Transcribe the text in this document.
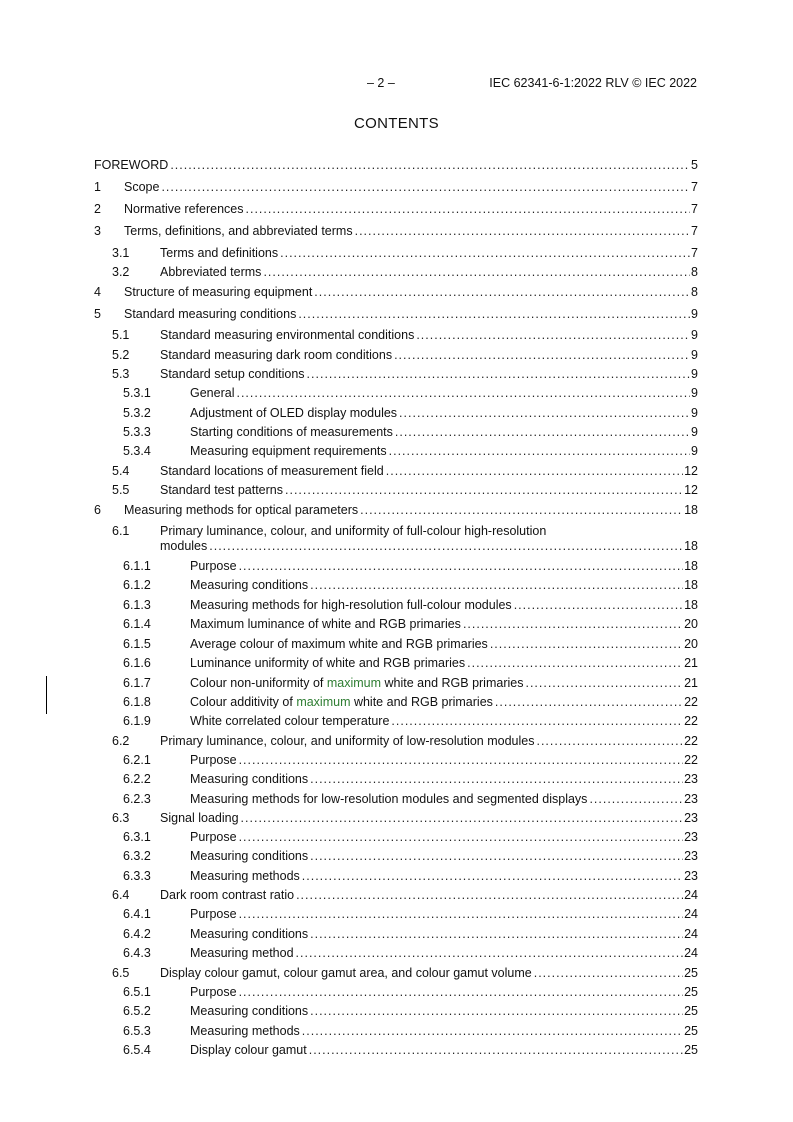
– 2 –	IEC 62341-6-1:2022 RLV © IEC 2022
CONTENTS
FOREWORD .....	5
1 Scope .....	7
2 Normative references .....	7
3 Terms, definitions, and abbreviated terms .....	7
3.1 Terms and definitions .....	7
3.2 Abbreviated terms .....	8
4 Structure of measuring equipment .....	8
5 Standard measuring conditions .....	9
5.1 Standard measuring environmental conditions .....	9
5.2 Standard measuring dark room conditions .....	9
5.3 Standard setup conditions .....	9
5.3.1	General .....	9
5.3.2	Adjustment of OLED display modules .....	9
5.3.3	Starting conditions of measurements .....	9
5.3.4	Measuring equipment requirements .....	9
5.4 Standard locations of measurement field .....	12
5.5 Standard test patterns .....	12
6 Measuring methods for optical parameters .....	18
6.1 Primary luminance, colour, and uniformity of full-colour high-resolution
modules .....	18
6.1.1	Purpose .....	18
6.1.2	Measuring conditions .....	18
6.1.3	Measuring methods for high-resolution full-colour modules .....	18
6.1.4	Maximum luminance of white and RGB primaries .....	20
6.1.5	Average colour of maximum white and RGB primaries .....	20
6.1.6	Luminance uniformity of white and RGB primaries .....	21
6.1.7	Colour non-uniformity of maximum white and RGB primaries .....	21
6.1.8	Colour additivity of maximum white and RGB primaries .....	22
6.1.9	White correlated colour temperature .....	22
6.2 Primary luminance, colour, and uniformity of low-resolution modules .....	22
6.2.1	Purpose .....	22
6.2.2	Measuring conditions .....	23
6.2.3	Measuring methods for low-resolution modules and segmented displays .....	23
6.3 Signal loading .....	23
6.3.1	Purpose .....	23
6.3.2	Measuring conditions .....	23
6.3.3	Measuring methods .....	23
6.4 Dark room contrast ratio .....	24
6.4.1	Purpose .....	24
6.4.2	Measuring conditions .....	24
6.4.3	Measuring method .....	24
6.5 Display colour gamut, colour gamut area, and colour gamut volume .....	25
6.5.1	Purpose .....	25
6.5.2	Measuring conditions .....	25
6.5.3	Measuring methods .....	25
6.5.4	Display colour gamut .....	25
